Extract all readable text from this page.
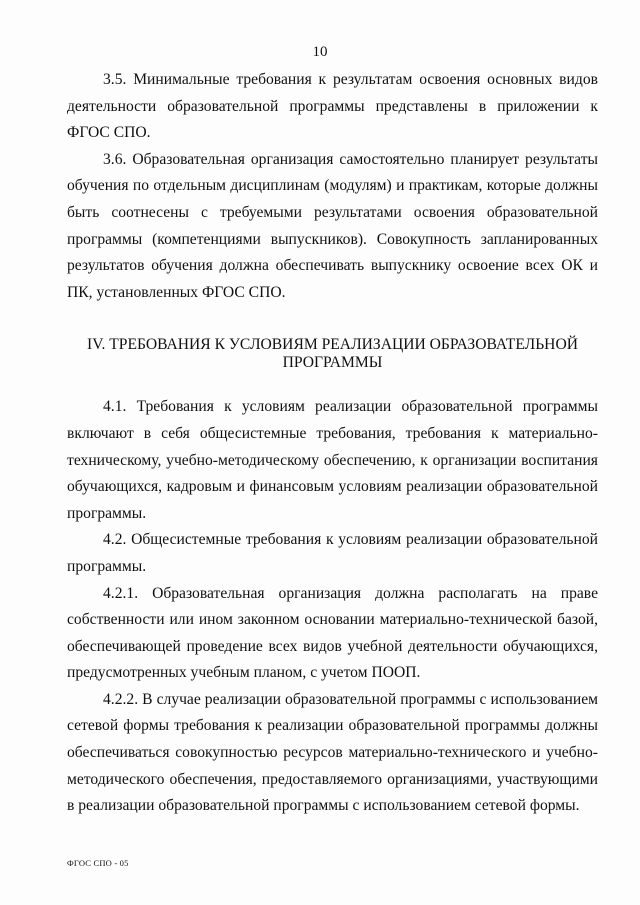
10

3.5. Минимальные требования к результатам освоения основных видов деятельности образовательной программы представлены в приложении к ФГОС СПО.

3.6. Образовательная организация самостоятельно планирует результаты обучения по отдельным дисциплинам (модулям) и практикам, которые должны быть соотнесены с требуемыми результатами освоения образовательной программы (компетенциями выпускников). Совокупность запланированных результатов обучения должна обеспечивать выпускнику освоение всех ОК и ПК, установленных ФГОС СПО.

IV. ТРЕБОВАНИЯ К УСЛОВИЯМ РЕАЛИЗАЦИИ ОБРАЗОВАТЕЛЬНОЙ ПРОГРАММЫ

4.1. Требования к условиям реализации образовательной программы включают в себя общесистемные требования, требования к материально-техническому, учебно-методическому обеспечению, к организации воспитания обучающихся, кадровым и финансовым условиям реализации образовательной программы.

4.2. Общесистемные требования к условиям реализации образовательной программы.

4.2.1. Образовательная организация должна располагать на праве собственности или ином законном основании материально-технической базой, обеспечивающей проведение всех видов учебной деятельности обучающихся, предусмотренных учебным планом, с учетом ПООП.

4.2.2. В случае реализации образовательной программы с использованием сетевой формы требования к реализации образовательной программы должны обеспечиваться совокупностью ресурсов материально-технического и учебно-методического обеспечения, предоставляемого организациями, участвующими в реализации образовательной программы с использованием сетевой формы.

ФГОС СПО - 05
